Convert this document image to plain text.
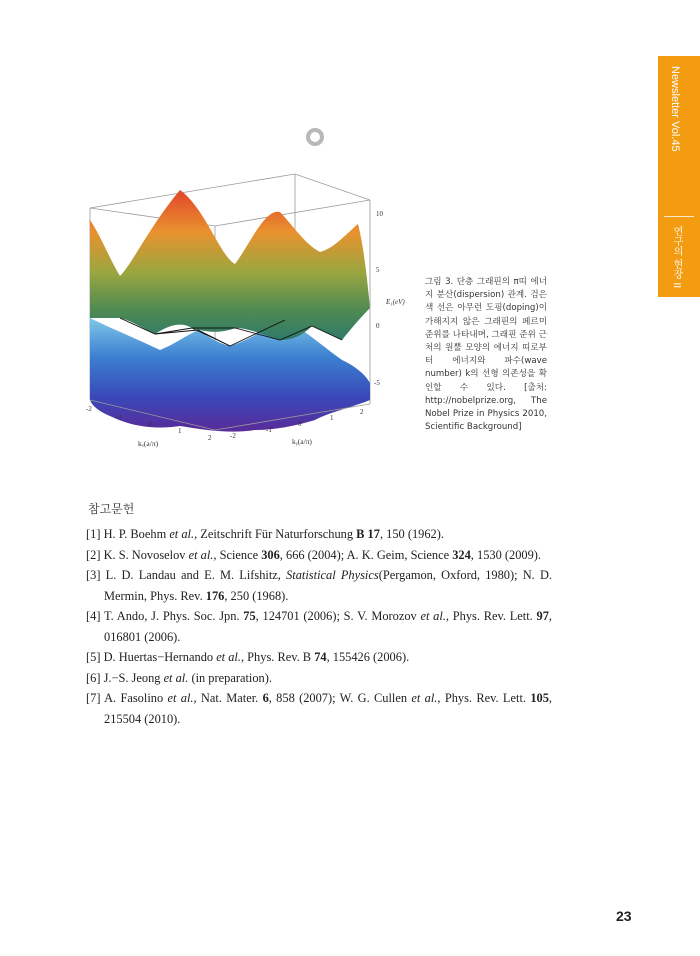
Newsletter Vol.45
연구의 현장 II
10
5
0
-5
E₁(eV)
-2
-1
0
1
2
kₓ(a/π)
-2
-1
0
1
2
kᵧ(a/π)
그림 3. 단층 그래핀의 π띠 에너지 분산(dispersion) 관계. 검은색 선은 아무런 도핑(doping)이 가해지지 않은 그래핀의 페르미 준위를 나타내며, 그래핀 준위 근처의 원뿔 모양의 에너지 띠로부터 에너지와 파수(wave number) k의 선형 의존성을 확인할 수 있다. [출처: http://nobelprize.org, The Nobel Prize in Physics 2010, Scientific Background]
참고문헌
[1] H. P. Boehm et al., Zeitschrift Für Naturforschung B 17, 150 (1962).
[2] K. S. Novoselov et al., Science 306, 666 (2004); A. K. Geim, Science 324, 1530 (2009).
[3] L. D. Landau and E. M. Lifshitz, Statistical Physics(Pergamon, Oxford, 1980); N. D. Mermin, Phys. Rev. 176, 250 (1968).
[4] T. Ando, J. Phys. Soc. Jpn. 75, 124701 (2006); S. V. Morozov et al., Phys. Rev. Lett. 97, 016801 (2006).
[5] D. Huertas−Hernando et al., Phys. Rev. B 74, 155426 (2006).
[6] J.−S. Jeong et al. (in preparation).
[7] A. Fasolino et al., Nat. Mater. 6, 858 (2007); W. G. Cullen et al., Phys. Rev. Lett. 105, 215504 (2010).
23
